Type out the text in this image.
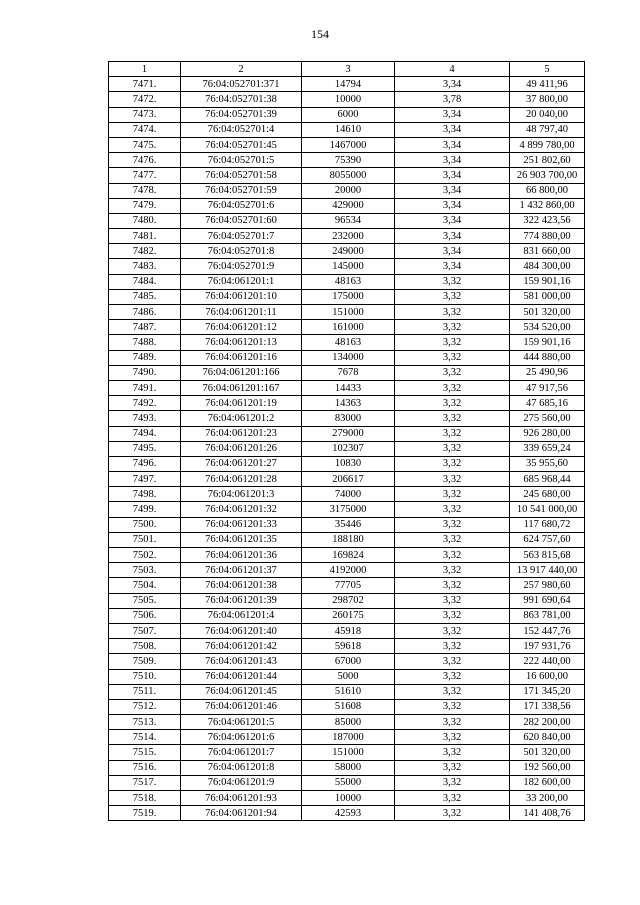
154
1	2	3	4	5
7471.	76:04:052701:371	14794	3,34	49 411,96
7472.	76:04:052701:38	10000	3,78	37 800,00
7473.	76:04:052701:39	6000	3,34	20 040,00
7474.	76:04:052701:4	14610	3,34	48 797,40
7475.	76:04:052701:45	1467000	3,34	4 899 780,00
7476.	76:04:052701:5	75390	3,34	251 802,60
7477.	76:04:052701:58	8055000	3,34	26 903 700,00
7478.	76:04:052701:59	20000	3,34	66 800,00
7479.	76:04:052701:6	429000	3,34	1 432 860,00
7480.	76:04:052701:60	96534	3,34	322 423,56
7481.	76:04:052701:7	232000	3,34	774 880,00
7482.	76:04:052701:8	249000	3,34	831 660,00
7483.	76:04:052701:9	145000	3,34	484 300,00
7484.	76:04:061201:1	48163	3,32	159 901,16
7485.	76:04:061201:10	175000	3,32	581 000,00
7486.	76:04:061201:11	151000	3,32	501 320,00
7487.	76:04:061201:12	161000	3,32	534 520,00
7488.	76:04:061201:13	48163	3,32	159 901,16
7489.	76:04:061201:16	134000	3,32	444 880,00
7490.	76:04:061201:166	7678	3,32	25 490,96
7491.	76:04:061201:167	14433	3,32	47 917,56
7492.	76:04:061201:19	14363	3,32	47 685,16
7493.	76:04:061201:2	83000	3,32	275 560,00
7494.	76:04:061201:23	279000	3,32	926 280,00
7495.	76:04:061201:26	102307	3,32	339 659,24
7496.	76:04:061201:27	10830	3,32	35 955,60
7497.	76:04:061201:28	206617	3,32	685 968,44
7498.	76:04:061201:3	74000	3,32	245 680,00
7499.	76:04:061201:32	3175000	3,32	10 541 000,00
7500.	76:04:061201:33	35446	3,32	117 680,72
7501.	76:04:061201:35	188180	3,32	624 757,60
7502.	76:04:061201:36	169824	3,32	563 815,68
7503.	76:04:061201:37	4192000	3,32	13 917 440,00
7504.	76:04:061201:38	77705	3,32	257 980,60
7505.	76:04:061201:39	298702	3,32	991 690,64
7506.	76:04:061201:4	260175	3,32	863 781,00
7507.	76:04:061201:40	45918	3,32	152 447,76
7508.	76:04:061201:42	59618	3,32	197 931,76
7509.	76:04:061201:43	67000	3,32	222 440,00
7510.	76:04:061201:44	5000	3,32	16 600,00
7511.	76:04:061201:45	51610	3,32	171 345,20
7512.	76:04:061201:46	51608	3,32	171 338,56
7513.	76:04:061201:5	85000	3,32	282 200,00
7514.	76:04:061201:6	187000	3,32	620 840,00
7515.	76:04:061201:7	151000	3,32	501 320,00
7516.	76:04:061201:8	58000	3,32	192 560,00
7517.	76:04:061201:9	55000	3,32	182 600,00
7518.	76:04:061201:93	10000	3,32	33 200,00
7519.	76:04:061201:94	42593	3,32	141 408,76
